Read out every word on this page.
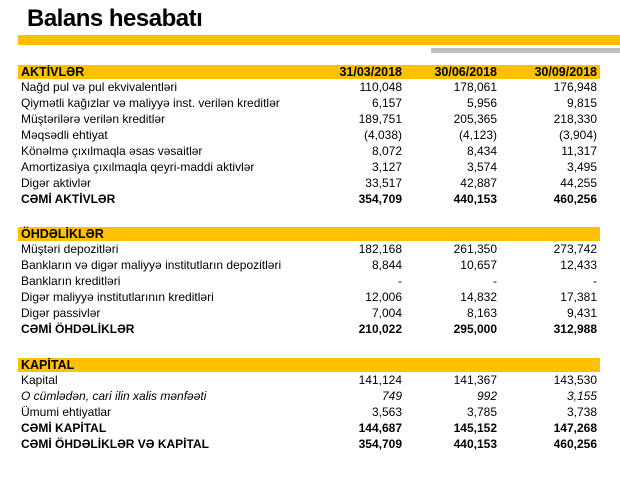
Balans hesabatı
AKTİVLƏR	31/03/2018	30/06/2018	30/09/2018
Nağd pul və pul ekvivalentləri	110,048	178,061	176,948
Qiymətli kağızlar və maliyyə inst. verilən kreditlər	6,157	5,956	9,815
Müştərilərə verilən kreditlər	189,751	205,365	218,330
Məqsədli ehtiyat	(4,038)	(4,123)	(3,904)
Könəlmə çıxılmaqla əsas vəsaitlər	8,072	8,434	11,317
Amortizasiya çıxılmaqla qeyri-maddi aktivlər	3,127	3,574	3,495
Digər aktivlər	33,517	42,887	44,255
CƏMİ AKTİVLƏR	354,709	440,153	460,256
ÖHDƏLİKLƏR
Müştəri depozitləri	182,168	261,350	273,742
Bankların və digər maliyyə institutların depozitləri	8,844	10,657	12,433
Bankların kreditləri	-	-	-
Digər maliyyə institutlarının kreditləri	12,006	14,832	17,381
Digər passivlər	7,004	8,163	9,431
CƏMİ ÖHDƏLİKLƏR	210,022	295,000	312,988
KAPİTAL
Kapital	141,124	141,367	143,530
O cümlədən, cari ilin xalis mənfəəti	749	992	3,155
Ümumi ehtiyatlar	3,563	3,785	3,738
CƏMİ KAPİTAL	144,687	145,152	147,268
CƏMİ ÖHDƏLİKLƏR VƏ KAPİTAL	354,709	440,153	460,256
